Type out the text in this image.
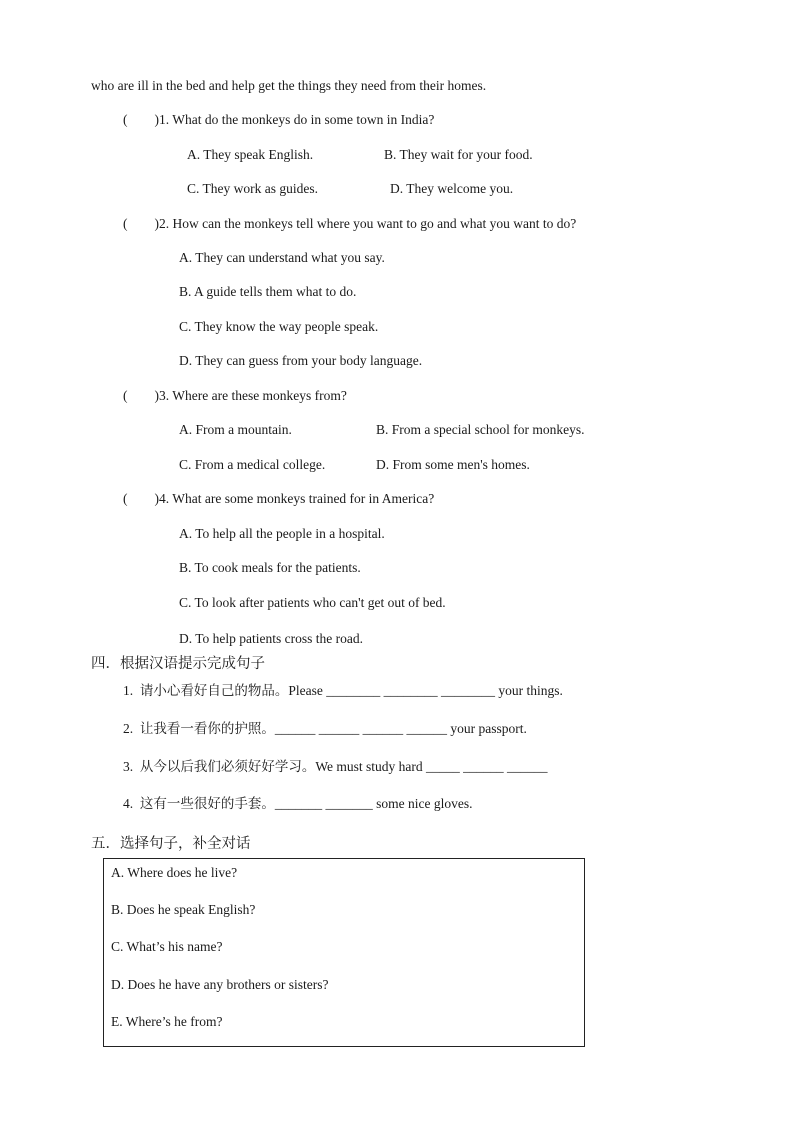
who are ill in the bed and help get the things they need from their homes.
(        )1. What do the monkeys do in some town in India?
A. They speak English.	B. They wait for your food.
C. They work as guides.	D. They welcome you.
(        )2. How can the monkeys tell where you want to go and what you want to do?
A. They can understand what you say.
B. A guide tells them what to do.
C. They know the way people speak.
D. They can guess from your body language.
(        )3. Where are these monkeys from?
A. From a mountain.	B. From a special school for monkeys.
C. From a medical college.	D. From some men's homes.
(        )4. What are some monkeys trained for in America?
A. To help all the people in a hospital.
B. To cook meals for the patients.
C. To look after patients who can't get out of bed.
D. To help patients cross the road.
四．根据汉语提示完成句子
1.  请小心看好自己的物品。Please ________ ________ ________ your things.
2.  让我看一看你的护照。______ ______ ______ ______ your passport.
3.  从今以后我们必须好好学习。We must study hard _____ ______ ______
4.  这有一些很好的手套。_______ _______ some nice gloves.
五．选择句子，补全对话
A. Where does he live?
B. Does he speak English?
C. What’s his name?
D. Does he have any brothers or sisters?
E. Where’s he from?
